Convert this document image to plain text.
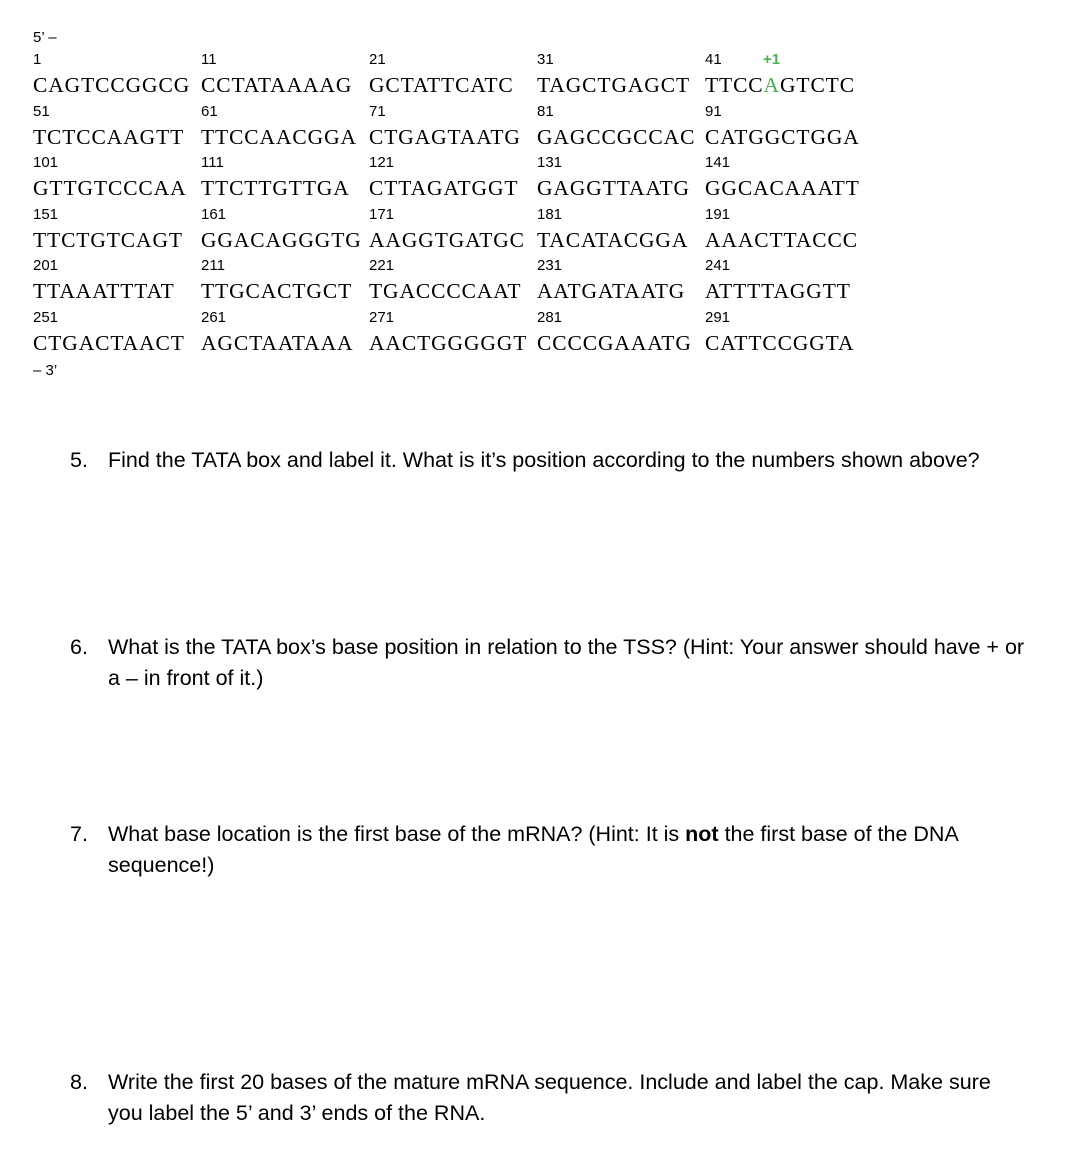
5’ –
1	11	21	31	41	+1
CAGTCCGGCG CCTATAAAAG GCTATTCATC TAGCTGAGCT TTCCAGTCTC
51	61	71	81	91
TCTCCAAGTT TTCCAACGGA CTGAGTAATG GAGCCGCCAC CATGGCTGGA
101	111	121	131	141
GTTGTCCCAA TTCTTGTTGA CTTAGATGGT GAGGTTAATG GGCACAAATT
151	161	171	181	191
TTCTGTCAGT GGACAGGGTG AAGGTGATGC TACATACGGA AAACTTACCC
201	211	221	231	241
TTAAATTTAT TTGCACTGCT TGACCCCAAT AATGATAATG ATTTTAGGTT
251	261	271	281	291
CTGACTAACT AGCTAATAAA AACTGGGGGT CCCCGAAATG CATTCCGGTA
– 3’
5. Find the TATA box and label it. What is it’s position according to the numbers shown above?
6. What is the TATA box’s base position in relation to the TSS? (Hint: Your answer should have + or a – in front of it.)
7. What base location is the first base of the mRNA? (Hint: It is not the first base of the DNA sequence!)
8. Write the first 20 bases of the mature mRNA sequence. Include and label the cap. Make sure you label the 5’ and 3’ ends of the RNA.
